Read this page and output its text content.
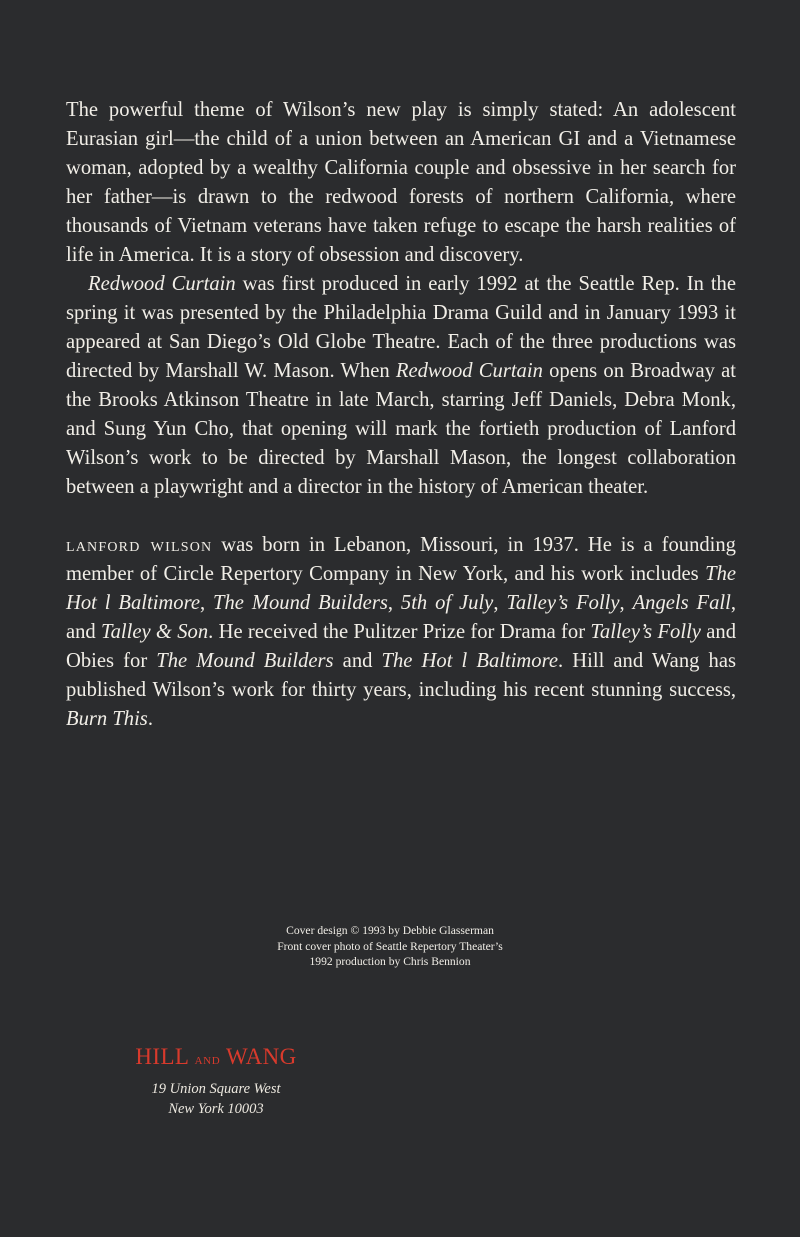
The powerful theme of Wilson’s new play is simply stated: An adolescent Eurasian girl—the child of a union between an American GI and a Vietnamese woman, adopted by a wealthy California couple and obsessive in her search for her father—is drawn to the redwood forests of northern California, where thousands of Vietnam veterans have taken refuge to escape the harsh realities of life in America. It is a story of obsession and discovery.

Redwood Curtain was first produced in early 1992 at the Seattle Rep. In the spring it was presented by the Philadelphia Drama Guild and in January 1993 it appeared at San Diego’s Old Globe Theatre. Each of the three productions was directed by Marshall W. Mason. When Redwood Curtain opens on Broadway at the Brooks Atkinson Theatre in late March, starring Jeff Daniels, Debra Monk, and Sung Yun Cho, that opening will mark the fortieth production of Lanford Wilson’s work to be directed by Marshall Mason, the longest collaboration between a playwright and a director in the history of American theater.

lanford wilson was born in Lebanon, Missouri, in 1937. He is a founding member of Circle Repertory Company in New York, and his work includes The Hot l Baltimore, The Mound Builders, 5th of July, Talley’s Folly, Angels Fall, and Talley & Son. He received the Pulitzer Prize for Drama for Talley’s Folly and Obies for The Mound Builders and The Hot l Baltimore. Hill and Wang has published Wilson’s work for thirty years, including his recent stunning success, Burn This.

Cover design © 1993 by Debbie Glasserman
Front cover photo of Seattle Repertory Theater’s
1992 production by Chris Bennion
HILL and WANG
19 Union Square West
New York 10003
